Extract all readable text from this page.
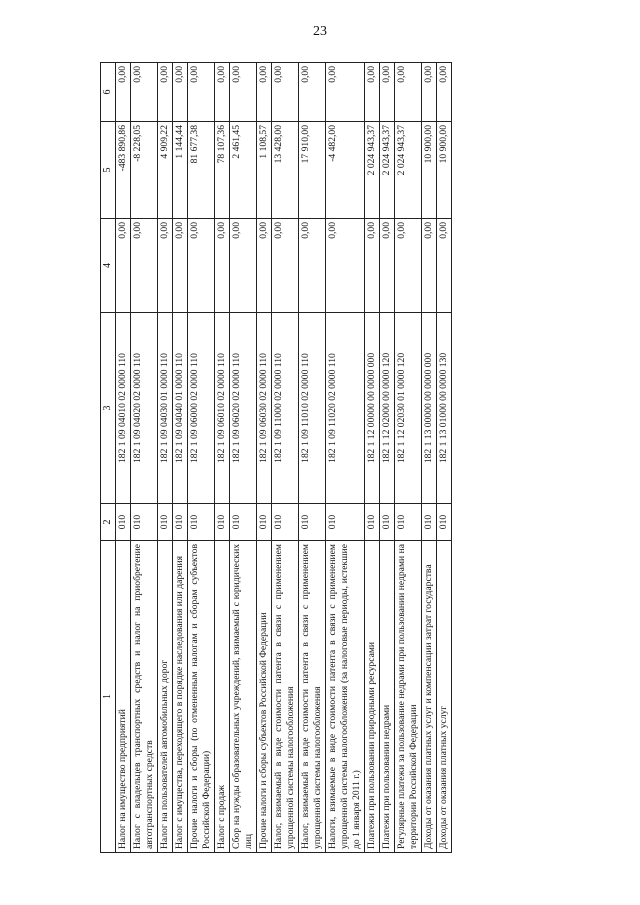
23
1	2	3	4	5	6
Налог на имущество предприятий	010	182 1 09 04010 02 0000 110	0,00	-483 890,86	0,00
Налог с владельцев транспортных средств и налог на приобретение автотранспортных средств	010	182 1 09 04020 02 0000 110	0,00	-8 228,05	0,00
Налог на пользователей автомобильных дорог	010	182 1 09 04030 01 0000 110	0,00	4 909,22	0,00
Налог с имущества, переходящего в порядке наследования или дарения	010	182 1 09 04040 01 0000 110	0,00	1 144,44	0,00
Прочие налоги и сборы (по отмененным налогам и сборам субъектов Российской Федерации)	010	182 1 09 06000 02 0000 110	0,00	81 677,38	0,00
Налог с продаж	010	182 1 09 06010 02 0000 110	0,00	78 107,36	0,00
Сбор на нужды образовательных учреждений, взимаемый с юридических лиц	010	182 1 09 06020 02 0000 110	0,00	2 461,45	0,00
Прочие налоги и сборы субъектов Российской Федерации	010	182 1 09 06030 02 0000 110	0,00	1 108,57	0,00
Налог, взимаемый в виде стоимости патента в связи с применением упрощенной системы налогообложения	010	182 1 09 11000 02 0000 110	0,00	13 428,00	0,00
Налог, взимаемый в виде стоимости патента в связи с применением упрощенной системы налогообложения	010	182 1 09 11010 02 0000 110	0,00	17 910,00	0,00
Налоги, взимаемые в виде стоимости патента в связи с применением упрощенной системы налогообложения (за налоговые периоды, истекшие до 1 января 2011 г.)	010	182 1 09 11020 02 0000 110	0,00	-4 482,00	0,00
Платежи при пользовании природными ресурсами	010	182 1 12 00000 00 0000 000	0,00	2 024 943,37	0,00
Платежи при пользовании недрами	010	182 1 12 02000 00 0000 120	0,00	2 024 943,37	0,00
Регулярные платежи за пользование недрами при пользовании недрами на территории Российской Федерации	010	182 1 12 02030 01 0000 120	0,00	2 024 943,37	0,00
Доходы от оказания платных услуг и компенсации затрат государства	010	182 1 13 00000 00 0000 000	0,00	10 900,00	0,00
Доходы от оказания платных услуг	010	182 1 13 01000 00 0000 130	0,00	10 900,00	0,00
